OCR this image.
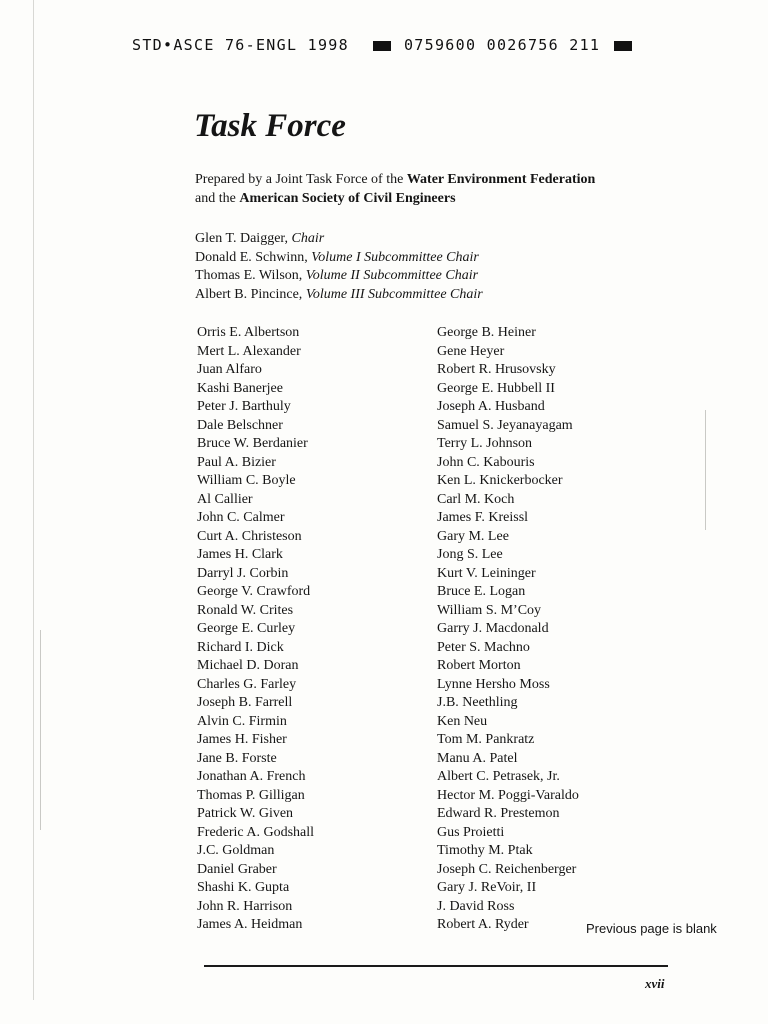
STD•ASCE 76-ENGL 1998	0759600 0026756 211
Task Force
Prepared by a Joint Task Force of the Water Environment Federation
and the American Society of Civil Engineers
Glen T. Daigger, Chair
Donald E. Schwinn, Volume I Subcommittee Chair
Thomas E. Wilson, Volume II Subcommittee Chair
Albert B. Pincince, Volume III Subcommittee Chair
Orris E. Albertson
Mert L. Alexander
Juan Alfaro
Kashi Banerjee
Peter J. Barthuly
Dale Belschner
Bruce W. Berdanier
Paul A. Bizier
William C. Boyle
Al Callier
John C. Calmer
Curt A. Christeson
James H. Clark
Darryl J. Corbin
George V. Crawford
Ronald W. Crites
George E. Curley
Richard I. Dick
Michael D. Doran
Charles G. Farley
Joseph B. Farrell
Alvin C. Firmin
James H. Fisher
Jane B. Forste
Jonathan A. French
Thomas P. Gilligan
Patrick W. Given
Frederic A. Godshall
J.C. Goldman
Daniel Graber
Shashi K. Gupta
John R. Harrison
James A. Heidman
George B. Heiner
Gene Heyer
Robert R. Hrusovsky
George E. Hubbell II
Joseph A. Husband
Samuel S. Jeyanayagam
Terry L. Johnson
John C. Kabouris
Ken L. Knickerbocker
Carl M. Koch
James F. Kreissl
Gary M. Lee
Jong S. Lee
Kurt V. Leininger
Bruce E. Logan
William S. M’Coy
Garry J. Macdonald
Peter S. Machno
Robert Morton
Lynne Hersho Moss
J.B. Neethling
Ken Neu
Tom M. Pankratz
Manu A. Patel
Albert C. Petrasek, Jr.
Hector M. Poggi-Varaldo
Edward R. Prestemon
Gus Proietti
Timothy M. Ptak
Joseph C. Reichenberger
Gary J. ReVoir, II
J. David Ross
Robert A. Ryder	Previous page is blank
xvii
